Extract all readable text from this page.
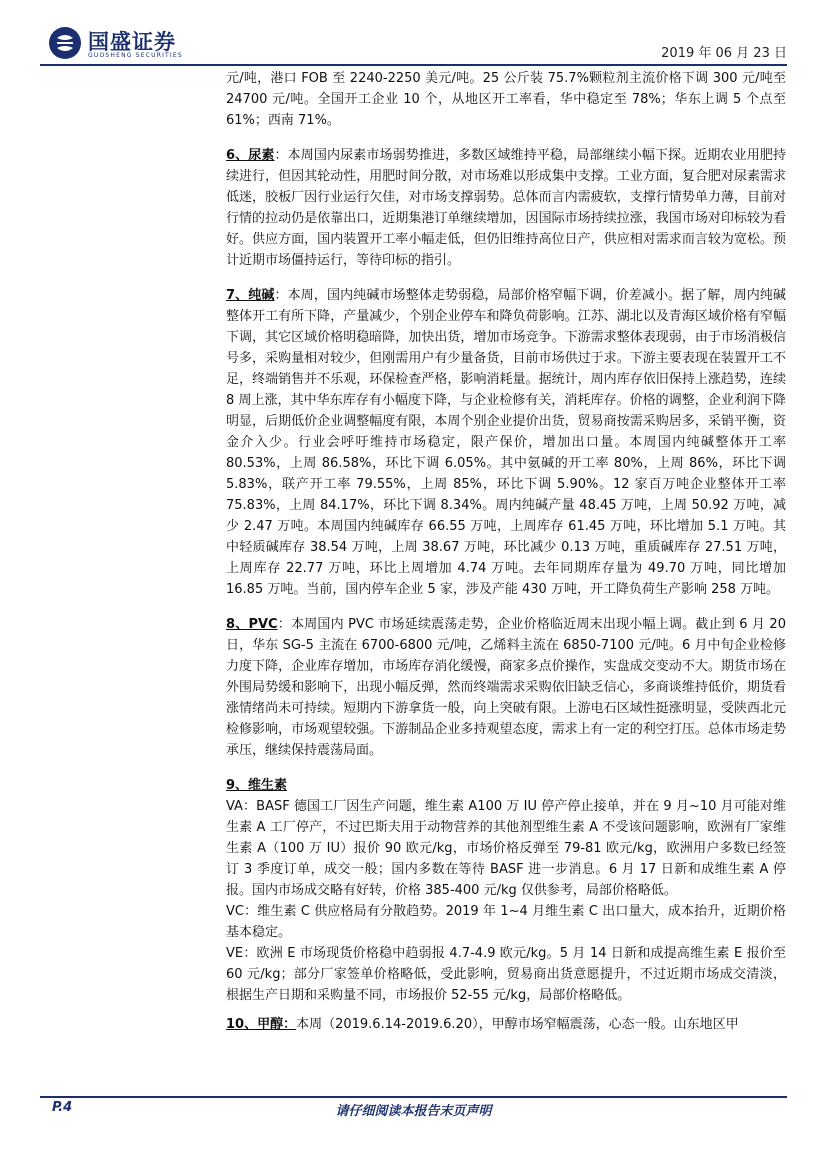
国盛证券
GUOSHENG SECURITIES	2019 年 06 月 23 日

元/吨，港口 FOB 至 2240-2250 美元/吨。25 公斤装 75.7%颗粒剂主流价格下调 300 元/吨至 24700 元/吨。全国开工企业 10 个，从地区开工率看，华中稳定至 78%；华东上调 5 个点至 61%；西南 71%。

6、尿素：本周国内尿素市场弱势推进，多数区域维持平稳，局部继续小幅下探。近期农业用肥持续进行，但因其轮动性，用肥时间分散，对市场难以形成集中支撑。工业方面，复合肥对尿素需求低迷，胶板厂因行业运行欠佳，对市场支撑弱势。总体而言内需疲软，支撑行情势单力薄，目前对行情的拉动仍是依靠出口，近期集港订单继续增加，因国际市场持续拉涨，我国市场对印标较为看好。供应方面，国内装置开工率小幅走低，但仍旧维持高位日产，供应相对需求而言较为宽松。预计近期市场僵持运行，等待印标的指引。

7、纯碱：本周，国内纯碱市场整体走势弱稳，局部价格窄幅下调，价差减小。据了解，周内纯碱整体开工有所下降，产量减少，个别企业停车和降负荷影响。江苏、湖北以及青海区域价格有窄幅下调，其它区域价格明稳暗降，加快出货，增加市场竞争。下游需求整体表现弱，由于市场消极信号多，采购量相对较少，但刚需用户有少量备货，目前市场供过于求。下游主要表现在装置开工不足，终端销售并不乐观，环保检查严格，影响消耗量。据统计，周内库存依旧保持上涨趋势，连续 8 周上涨，其中华东库存有小幅度下降，与企业检修有关，消耗库存。价格的调整，企业利润下降明显，后期低价企业调整幅度有限，本周个别企业提价出货，贸易商按需采购居多，采销平衡，资金介入少。行业会呼吁维持市场稳定，限产保价，增加出口量。本周国内纯碱整体开工率 80.53%，上周 86.58%，环比下调 6.05%。其中氨碱的开工率 80%，上周 86%，环比下调 5.83%，联产开工率 79.55%，上周 85%，环比下调 5.90%。12 家百万吨企业整体开工率 75.83%，上周 84.17%，环比下调 8.34%。周内纯碱产量 48.45 万吨，上周 50.92 万吨，减少 2.47 万吨。本周国内纯碱库存 66.55 万吨，上周库存 61.45 万吨，环比增加 5.1 万吨。其中轻质碱库存 38.54 万吨，上周 38.67 万吨，环比减少 0.13 万吨，重质碱库存 27.51 万吨，上周库存 22.77 万吨，环比上周增加 4.74 万吨。去年同期库存量为 49.70 万吨，同比增加 16.85 万吨。当前，国内停车企业 5 家，涉及产能 430 万吨，开工降负荷生产影响 258 万吨。

8、PVC：本周国内 PVC 市场延续震荡走势，企业价格临近周末出现小幅上调。截止到 6 月 20 日，华东 SG-5 主流在 6700-6800 元/吨，乙烯料主流在 6850-7100 元/吨。6 月中旬企业检修力度下降，企业库存增加，市场库存消化缓慢，商家多点价操作，实盘成交变动不大。期货市场在外围局势缓和影响下，出现小幅反弹，然而终端需求采购依旧缺乏信心，多商谈维持低价，期货看涨情绪尚未可持续。短期内下游拿货一般，向上突破有限。上游电石区域性挺涨明显，受陕西北元检修影响，市场观望较强。下游制品企业多持观望态度，需求上有一定的利空打压。总体市场走势承压，继续保持震荡局面。

9、维生素

VA：BASF 德国工厂因生产问题，维生素 A100 万 IU 停产停止接单，并在 9 月~10 月可能对维生素 A 工厂停产，不过巴斯夫用于动物营养的其他剂型维生素 A 不受该问题影响，欧洲有厂家维生素 A（100 万 IU）报价 90 欧元/kg，市场价格反弹至 79-81 欧元/kg，欧洲用户多数已经签订 3 季度订单，成交一般；国内多数在等待 BASF 进一步消息。6 月 17 日新和成维生素 A 停报。国内市场成交略有好转，价格 385-400 元/kg 仅供参考，局部价格略低。

VC：维生素 C 供应格局有分散趋势。2019 年 1~4 月维生素 C 出口量大，成本抬升，近期价格基本稳定。

VE：欧洲 E 市场现货价格稳中趋弱报 4.7-4.9 欧元/kg。5 月 14 日新和成提高维生素 E 报价至 60 元/kg；部分厂家签单价格略低，受此影响，贸易商出货意愿提升，不过近期市场成交清淡，根据生产日期和采购量不同，市场报价 52-55 元/kg，局部价格略低。

10、甲醇：本周（2019.6.14-2019.6.20），甲醇市场窄幅震荡，心态一般。山东地区甲

P.4	请仔细阅读本报告末页声明
